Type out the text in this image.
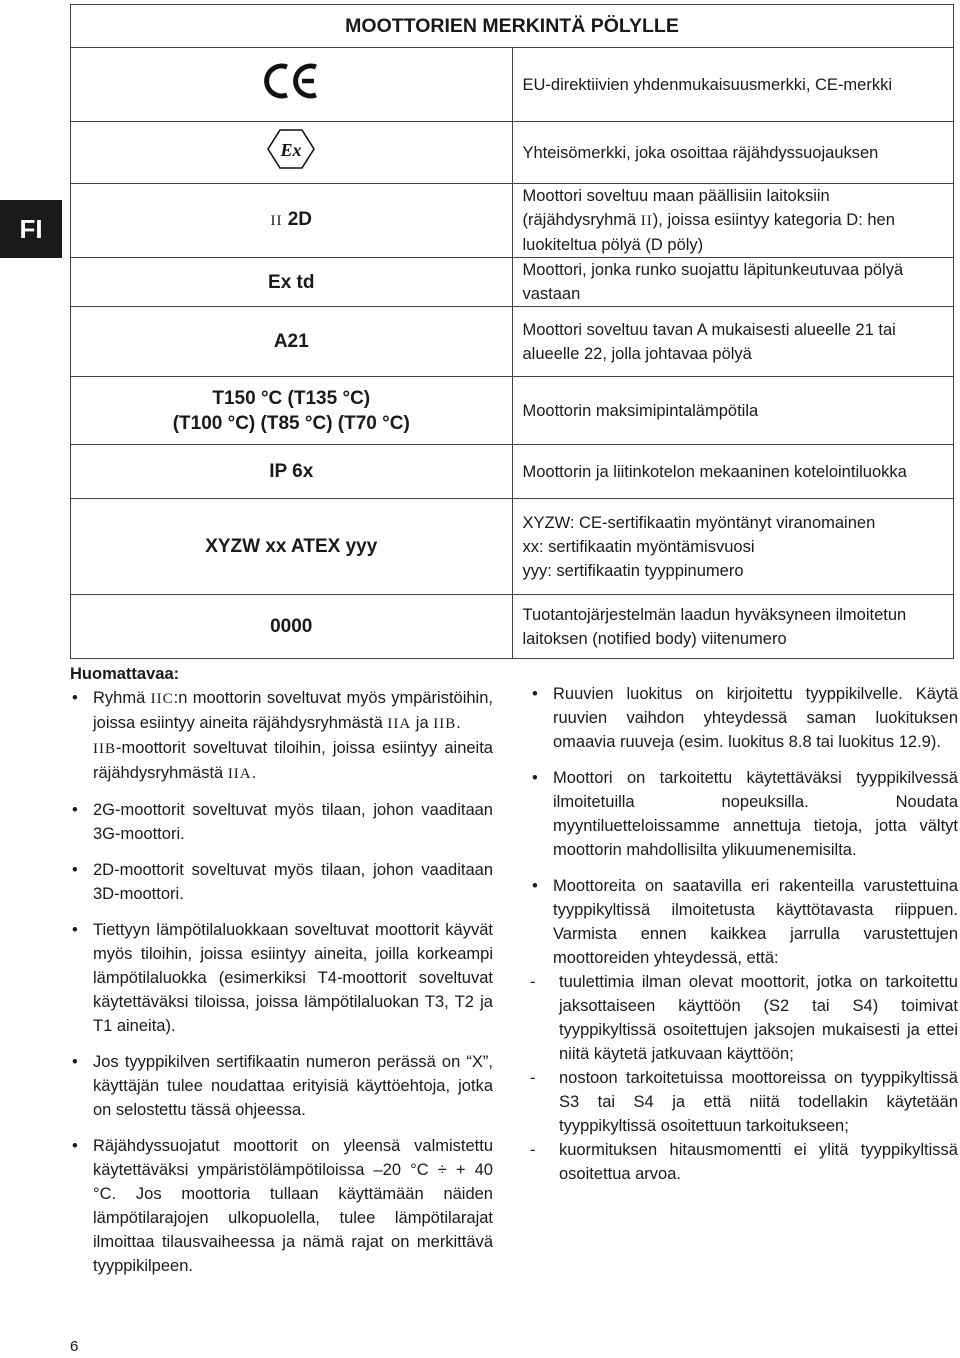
FI
MOOTTORIEN MERKINTÄ PÖLYLLE	
	EU-direktiivien yhdenmukaisuusmerkki, CE-merkki

Ex	Yhteisömerkki, joka osoittaa räjähdyssuojauksen
II 2D	Moottori soveltuu maan päällisiin laitoksiin (räjähdysryhmä II), joissa esiintyy kategoria D: hen luokiteltua pölyä (D pöly)
Ex td	Moottori, jonka runko suojattu läpitunkeutuvaa pölyä vastaan
A21	Moottori soveltuu tavan A mukaisesti alueelle 21 tai alueelle 22, jolla johtavaa pölyä

T150 °C (T135 °C)
(T100 °C) (T85 °C) (T70 °C)	Moottorin maksimipintalämpötila
IP 6x	Moottorin ja liitinkotelon mekaaninen kotelointiluokka
XYZW xx ATEX yyy	XYZW: CE-sertifikaatin myöntänyt viranomainen
xx: sertifikaatin myöntämisvuosi
yyy: sertifikaatin tyyppinumero

0000	Tuotantojärjestelmän laadun hyväksyneen ilmoitetun laitoksen (notified body) viitenumero
Huomattavaa:
• Ryhmä IIC:n moottorin soveltuvat myös ympäristöihin, joissa esiintyy aineita räjähdysryhmästä IIA ja IIB.
IIB-moottorit soveltuvat tiloihin, joissa esiintyy aineita räjähdysryhmästä IIA.
• 2G-moottorit soveltuvat myös tilaan, johon vaaditaan 3G-moottori.
• 2D-moottorit soveltuvat myös tilaan, johon vaaditaan 3D-moottori.
• Tiettyyn lämpötilaluokkaan soveltuvat moottorit käyvät myös tiloihin, joissa esiintyy aineita, joilla korkeampi lämpötilaluokka (esimerkiksi T4-moottorit soveltuvat käytettäväksi tiloissa, joissa lämpötilaluokan T3, T2 ja T1 aineita).
• Jos tyyppikilven sertifikaatin numeron perässä on “X”, käyttäjän tulee noudattaa erityisiä käyttöehtoja, jotka on selostettu tässä ohjeessa.
• Räjähdyssuojatut moottorit on yleensä valmistettu käytettäväksi ympäristölämpötiloissa –20 °C ÷ + 40 °C. Jos moottoria tullaan käyttämään näiden lämpötilarajojen ulkopuolella, tulee lämpötilarajat ilmoittaa tilausvaiheessa ja nämä rajat on merkittävä tyyppikilpeen.
• Ruuvien luokitus on kirjoitettu tyyppikilvelle. Käytä ruuvien vaihdon yhteydessä saman luokituksen omaavia ruuveja (esim. luokitus 8.8 tai luokitus 12.9).
• Moottori on tarkoitettu käytettäväksi tyyppikilvessä ilmoitetuilla nopeuksilla. Noudata myyntiluetteloissamme annettuja tietoja, jotta vältyt moottorin mahdollisilta ylikuumenemisilta.
• Moottoreita on saatavilla eri rakenteilla varustettuina tyyppikyltissä ilmoitetusta käyttötavasta riippuen. Varmista ennen kaikkea jarrulla varustettujen moottoreiden yhteydessä, että:
- tuulettimia ilman olevat moottorit, jotka on tarkoitettu jaksottaiseen käyttöön (S2 tai S4) toimivat tyyppikyltissä osoitettujen jaksojen mukaisesti ja ettei niitä käytetä jatkuvaan käyttöön;
- nostoon tarkoitetuissa moottoreissa on tyyppikyltissä S3 tai S4 ja että niitä todellakin käytetään tyyppikyltissä osoitettuun tarkoitukseen;
- kuormituksen hitausmomentti ei ylitä tyyppikyltissä osoitettua arvoa.
6
